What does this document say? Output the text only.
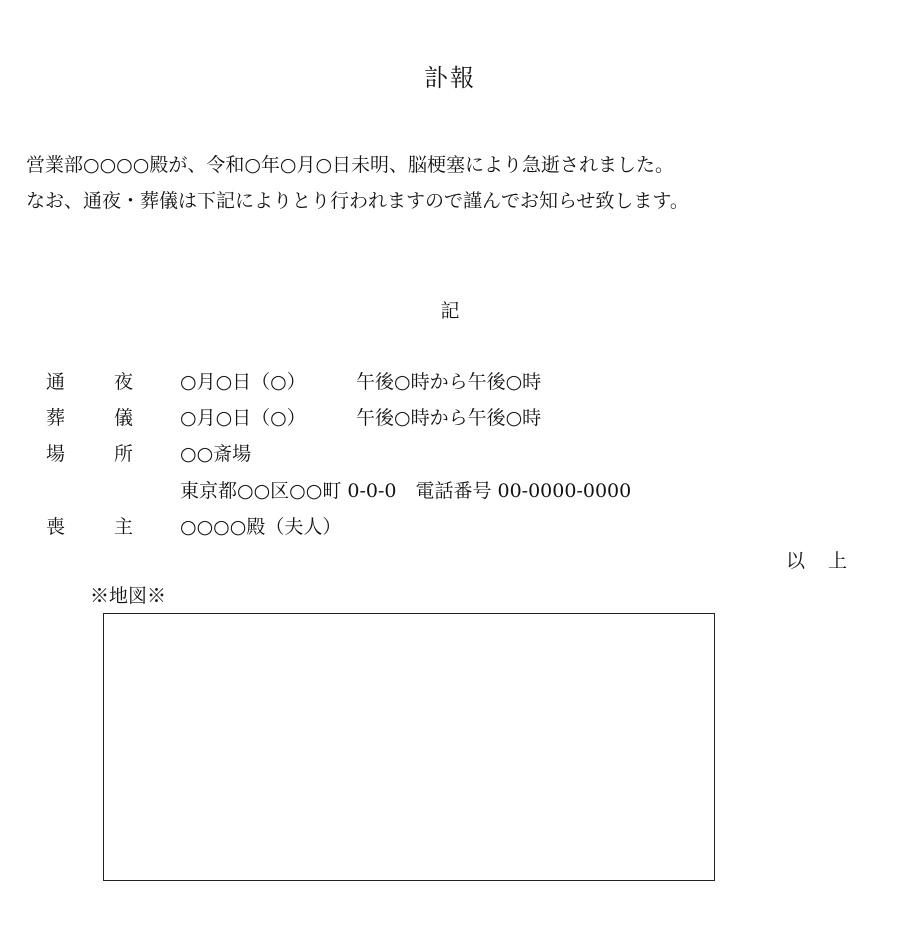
訃報
営業部○○○○殿が、令和○年○月○日未明、脳梗塞により急逝されました。
なお、通夜・葬儀は下記によりとり行われますので謹んでお知らせ致します。
記
通	夜 ○月○日（○）	午後○時から午後○時
葬	儀 ○月○日（○）	午後○時から午後○時
場	所 ○○斎場
東京都○○区○○町 0-0-0　電話番号 00-0000-0000
喪	主 ○○○○殿（夫人）
以 上
※地図※
